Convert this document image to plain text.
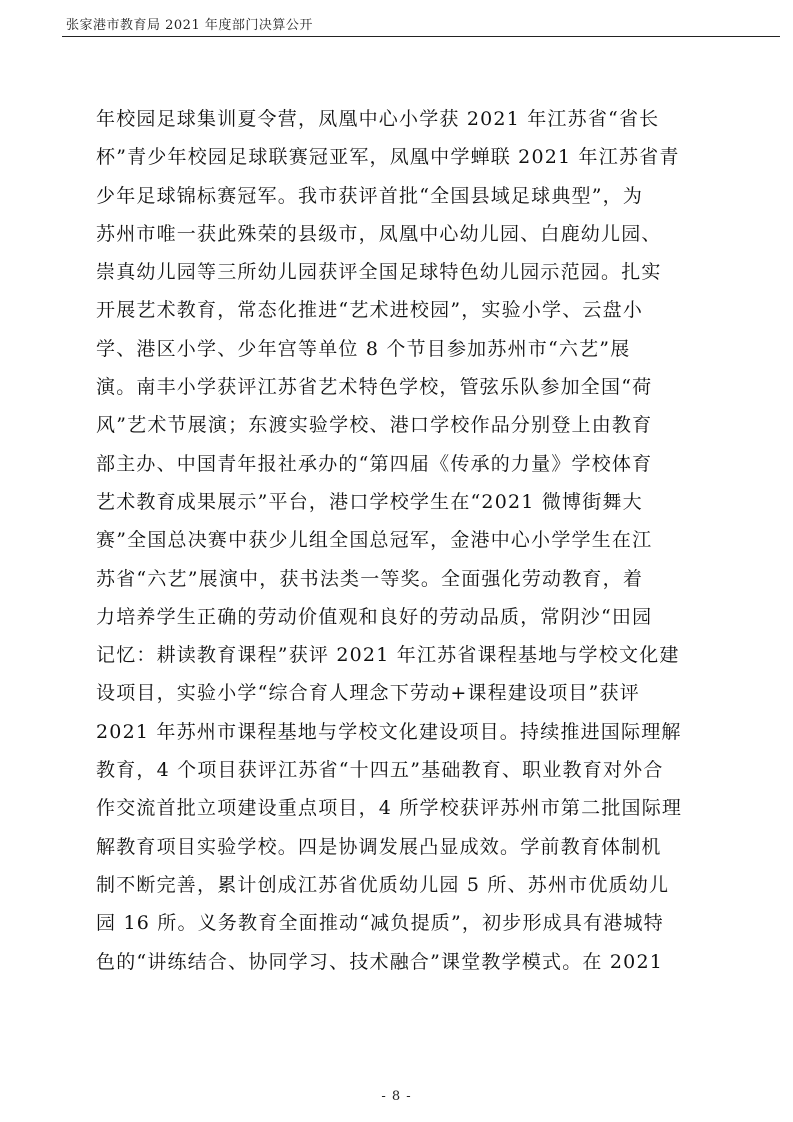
张家港市教育局 2021 年度部门决算公开
年校园足球集训夏令营，凤凰中心小学获 2021 年江苏省“省长
杯”青少年校园足球联赛冠亚军，凤凰中学蝉联 2021 年江苏省青
少年足球锦标赛冠军。我市获评首批“全国县域足球典型”，为
苏州市唯一获此殊荣的县级市，凤凰中心幼儿园、白鹿幼儿园、
崇真幼儿园等三所幼儿园获评全国足球特色幼儿园示范园。扎实
开展艺术教育，常态化推进“艺术进校园”，实验小学、云盘小
学、港区小学、少年宫等单位 8 个节目参加苏州市“六艺”展
演。南丰小学获评江苏省艺术特色学校，管弦乐队参加全国“荷
风”艺术节展演；东渡实验学校、港口学校作品分别登上由教育
部主办、中国青年报社承办的“第四届《传承的力量》学校体育
艺术教育成果展示”平台，港口学校学生在“2021 微博街舞大
赛”全国总决赛中获少儿组全国总冠军，金港中心小学学生在江
苏省“六艺”展演中，获书法类一等奖。全面强化劳动教育，着
力培养学生正确的劳动价值观和良好的劳动品质，常阴沙“田园
记忆：耕读教育课程”获评 2021 年江苏省课程基地与学校文化建
设项目，实验小学“综合育人理念下劳动+课程建设项目”获评
2021 年苏州市课程基地与学校文化建设项目。持续推进国际理解
教育，4 个项目获评江苏省“十四五”基础教育、职业教育对外合
作交流首批立项建设重点项目，4 所学校获评苏州市第二批国际理
解教育项目实验学校。四是协调发展凸显成效。学前教育体制机
制不断完善，累计创成江苏省优质幼儿园 5 所、苏州市优质幼儿
园 16 所。义务教育全面推动“减负提质”，初步形成具有港城特
色的“讲练结合、协同学习、技术融合”课堂教学模式。在 2021
- 8 -
